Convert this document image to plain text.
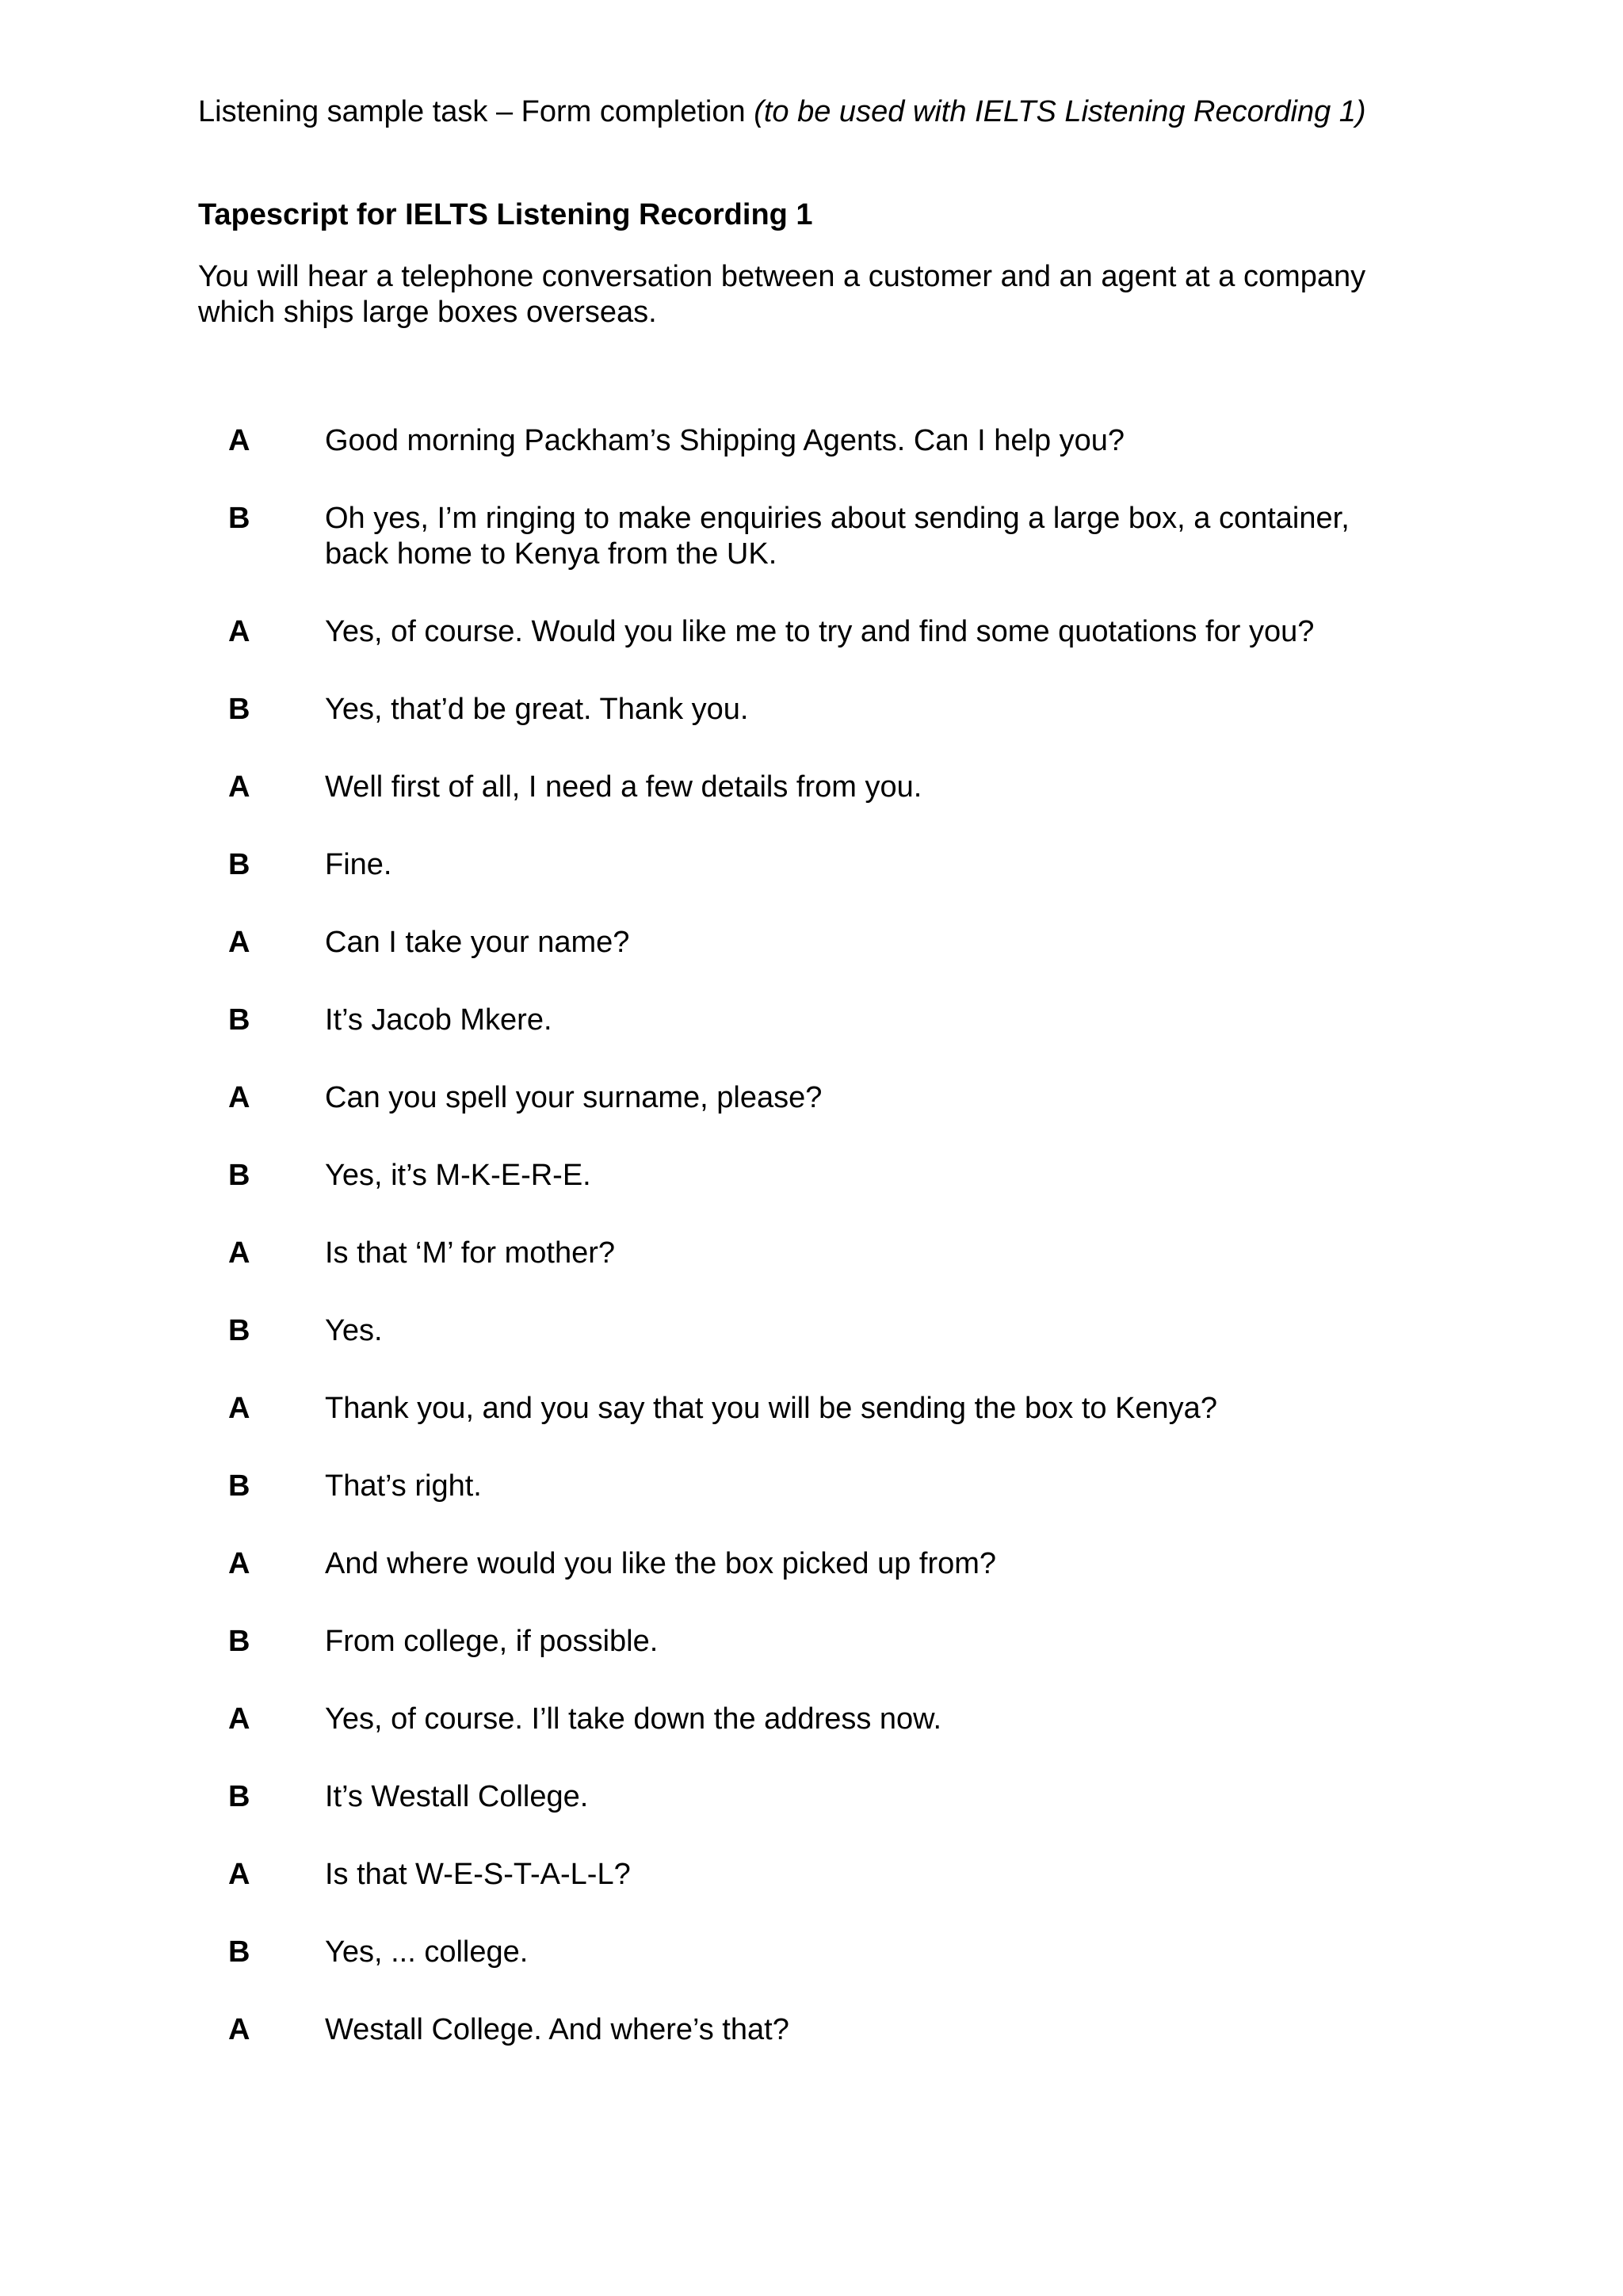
Listening sample task – Form completion (to be used with IELTS Listening Recording 1)
Tapescript for IELTS Listening Recording 1
You will hear a telephone conversation between a customer and an agent at a company which ships large boxes overseas.
A	Good morning Packham’s Shipping Agents. Can I help you?
B	Oh yes, I’m ringing to make enquiries about sending a large box, a container, back home to Kenya from the UK.
A	Yes, of course. Would you like me to try and find some quotations for you?
B	Yes, that’d be great. Thank you.
A	Well first of all, I need a few details from you.
B	Fine.
A	Can I take your name?
B	It’s Jacob Mkere.
A	Can you spell your surname, please?
B	Yes, it’s M-K-E-R-E.
A	Is that ‘M’ for mother?
B	Yes.
A	Thank you, and you say that you will be sending the box to Kenya?
B	That’s right.
A	And where would you like the box picked up from?
B	From college, if possible.
A	Yes, of course. I’ll take down the address now.
B	It’s Westall College.
A	Is that W-E-S-T-A-L-L?
B	Yes, ... college.
A	Westall College. And where’s that?
